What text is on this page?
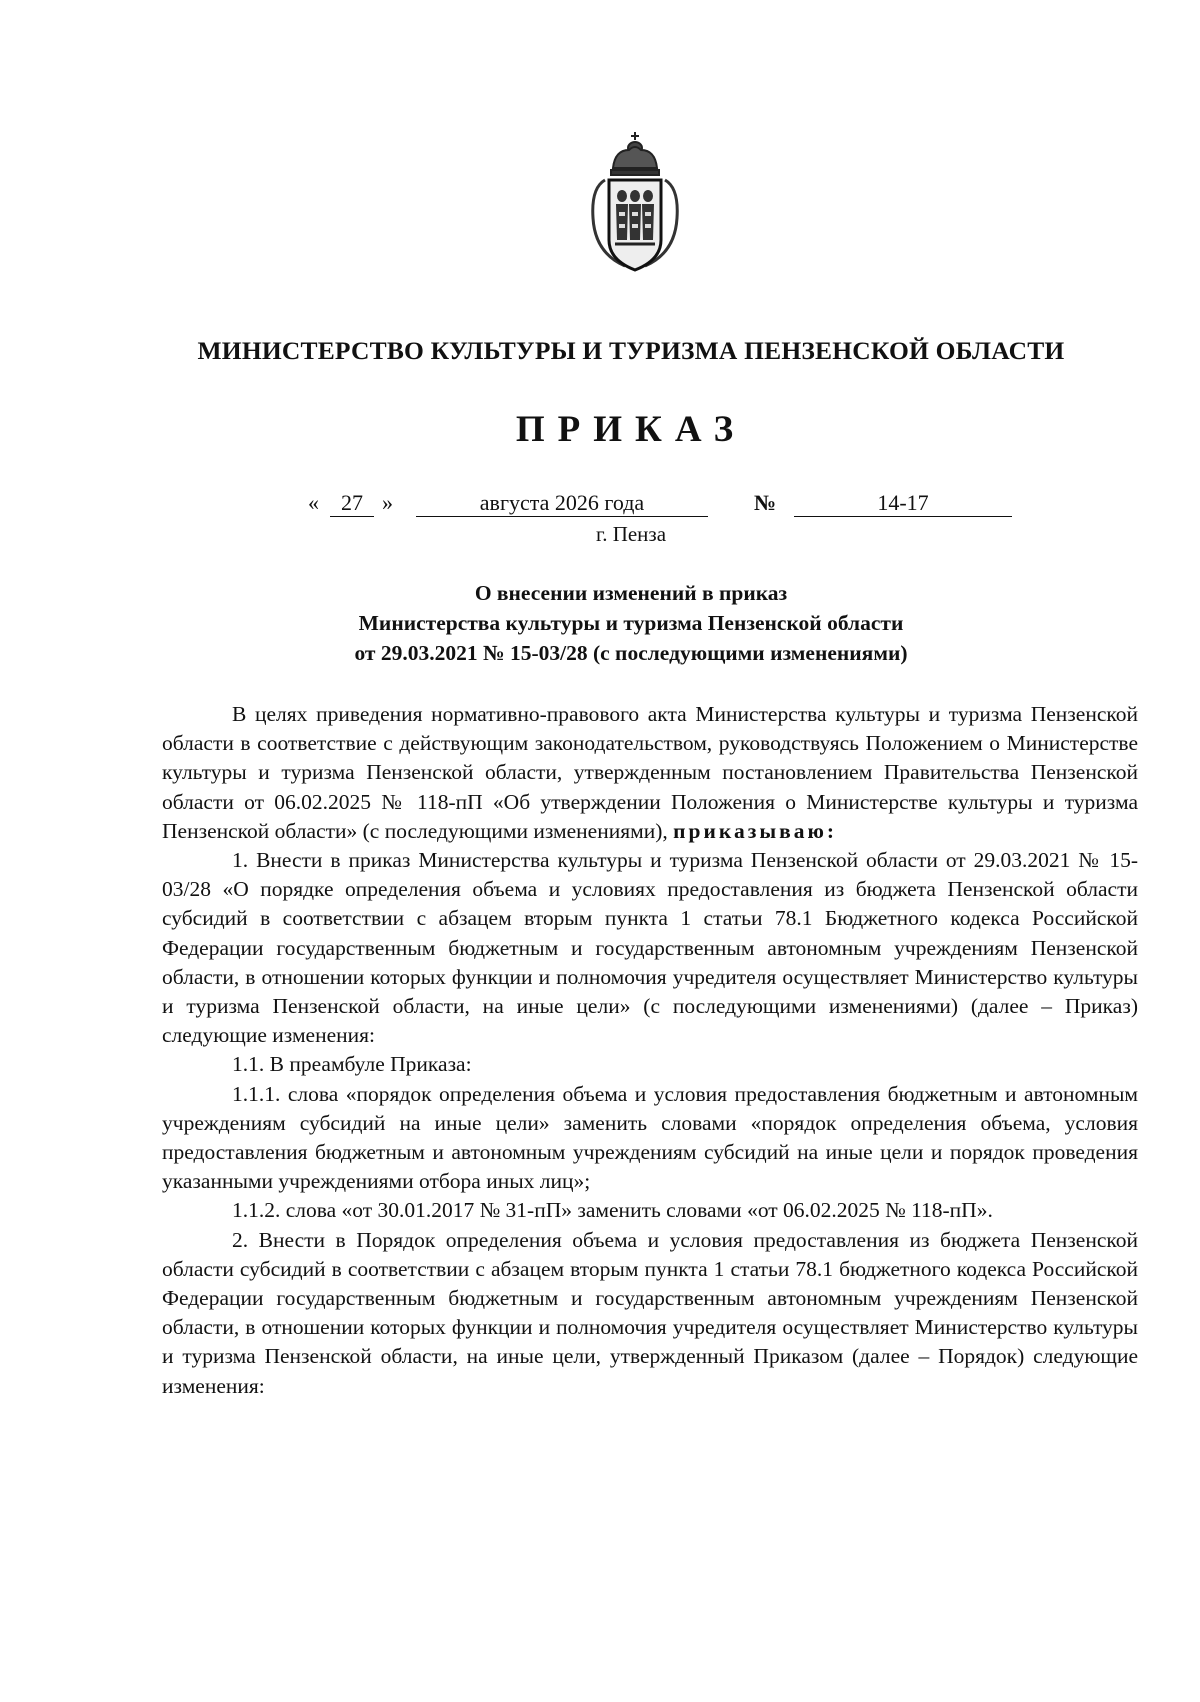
МИНИСТЕРСТВО КУЛЬТУРЫ И ТУРИЗМА ПЕНЗЕНСКОЙ ОБЛАСТИ
ПРИКАЗ
«	27 »	августа 2026 года	№	14-17
г. Пенза
О внесении изменений в приказ
Министерства культуры и туризма Пензенской области
от 29.03.2021 № 15-03/28 (с последующими изменениями)

В целях приведения нормативно-правового акта Министерства культуры и туризма Пензенской области в соответствие с действующим законодательством, руководствуясь Положением о Министерстве культуры и туризма Пензенской области, утвержденным постановлением Правительства Пензенской области от 06.02.2025 № 118-пП «Об утверждении Положения о Министерстве культуры и туризма Пензенской области» (с последующими изменениями), приказываю:

1. Внести в приказ Министерства культуры и туризма Пензенской области от 29.03.2021 № 15-03/28 «О порядке определения объема и условиях предоставления из бюджета Пензенской области субсидий в соответствии с абзацем вторым пункта 1 статьи 78.1 Бюджетного кодекса Российской Федерации государственным бюджетным и государственным автономным учреждениям Пензенской области, в отношении которых функции и полномочия учредителя осуществляет Министерство культуры и туризма Пензенской области, на иные цели» (с последующими изменениями) (далее – Приказ) следующие изменения:

1.1. В преамбуле Приказа:

1.1.1. слова «порядок определения объема и условия предоставления бюджетным и автономным учреждениям субсидий на иные цели» заменить словами «порядок определения объема, условия предоставления бюджетным и автономным учреждениям субсидий на иные цели и порядок проведения указанными учреждениями отбора иных лиц»;

1.1.2. слова «от 30.01.2017 № 31-пП» заменить словами «от 06.02.2025 № 118-пП».

2. Внести в Порядок определения объема и условия предоставления из бюджета Пензенской области субсидий в соответствии с абзацем вторым пункта 1 статьи 78.1 бюджетного кодекса Российской Федерации государственным бюджетным и государственным автономным учреждениям Пензенской области, в отношении которых функции и полномочия учредителя осуществляет Министерство культуры и туризма Пензенской области, на иные цели, утвержденный Приказом (далее – Порядок) следующие изменения:
